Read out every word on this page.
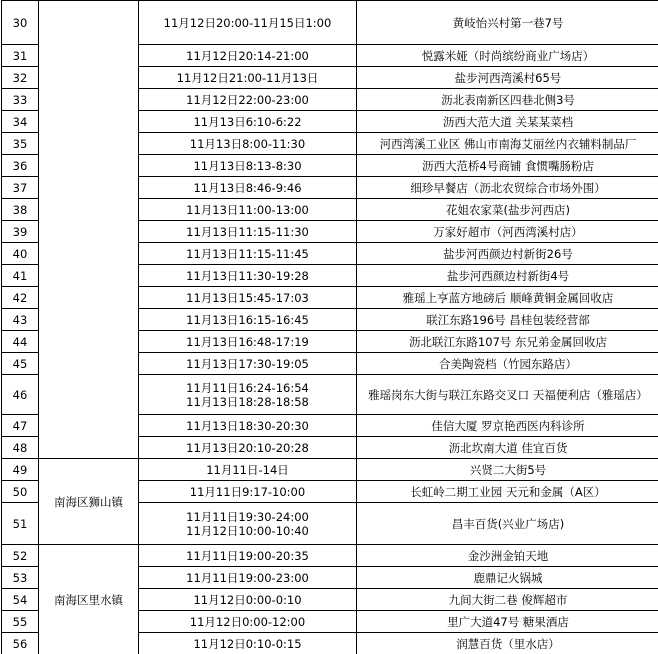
30		11月12日20:00-11月15日1:00	黄岐怡兴村第一巷7号
31		11月12日20:14-21:00	悦露米娅（时尚缤纷商业广场店）
32		11月12日21:00-11月13日	盐步河西湾溪村65号
33		11月12日22:00-23:00	沥北表南新区四巷北侧3号
34		11月13日6:10-6:22	沥西大范大道 关某某菜档
35		11月13日8:00-11:30	河西湾溪工业区 佛山市南海艾丽丝内衣辅料制品厂
36		11月13日8:13-8:30	沥西大范桥4号商铺 食惯嘴肠粉店
37		11月13日8:46-9:46	细珍早餐店（沥北农贸综合市场外围）
38		11月13日11:00-13:00	花姐农家菜(盐步河西店)
39		11月13日11:15-11:30	万家好超市（河西湾溪村店）
40		11月13日11:15-11:45	盐步河西颜边村新街26号
41		11月13日11:30-19:28	盐步河西颜边村新街4号
42		11月13日15:45-17:03	雅瑶上亨蓝方地磅后 顺峰黄铜金属回收店
43		11月13日16:15-16:45	联江东路196号 昌桂包装经营部
44		11月13日16:48-17:19	沥北联江东路107号 东兄弟金属回收店
45		11月13日17:30-19:05	合美陶瓷档（竹园东路店）
46		11月11日16:24-16:54
11月13日18:28-18:58	雅瑶岗东大街与联江东路交叉口 天福便利店（雅瑶店）
47		11月13日18:30-20:30	佳信大厦 罗京艳西医内科诊所
48		11月13日20:10-20:28	沥北坎南大道 佳宜百货
49	南海区狮山镇	11月11日-14日	兴贤二大街5号
50		11月11日9:17-10:00	长虹岭二期工业园 天元和金属（A区）
51		11月11日19:30-24:00
11月12日10:00-10:40	昌丰百货(兴业广场店)
52	南海区里水镇	11月11日19:00-20:35	金沙洲金铂天地
53		11月11日19:00-23:00	鹿鼎记火锅城
54		11月12日0:00-0:10	九间大街二巷 俊辉超市
55		11月12日0:00-12:00	里广大道47号 糖果酒店
56		11月12日0:10-0:15	润慧百货（里水店）
